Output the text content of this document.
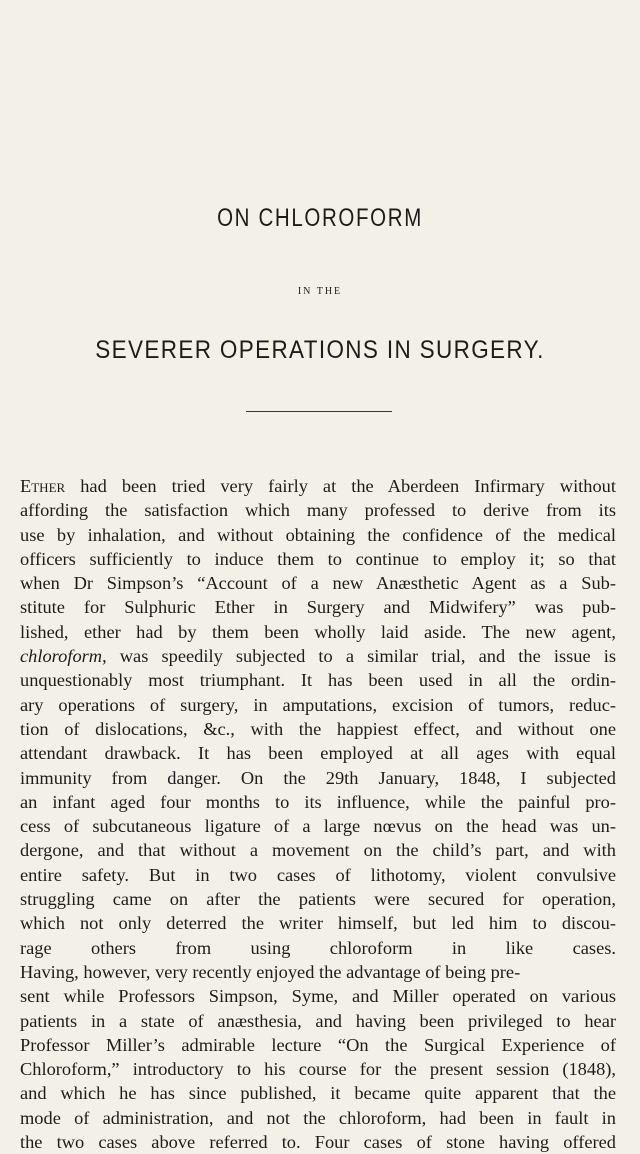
ON CHLOROFORM
IN THE
SEVERER OPERATIONS IN SURGERY.
Ether had been tried very fairly at the Aberdeen Infirmary without
affording the satisfaction which many professed to derive from its
use by inhalation, and without obtaining the confidence of the medical
officers sufficiently to induce them to continue to employ it; so that
when Dr Simpson’s “Account of a new Anæsthetic Agent as a Sub-
stitute for Sulphuric Ether in Surgery and Midwifery” was pub-
lished, ether had by them been wholly laid aside. The new agent,
chloroform, was speedily subjected to a similar trial, and the issue is
unquestionably most triumphant. It has been used in all the ordin-
ary operations of surgery, in amputations, excision of tumors, reduc-
tion of dislocations, &c., with the happiest effect, and without one
attendant drawback. It has been employed at all ages with equal
immunity from danger. On the 29th January, 1848, I subjected
an infant aged four months to its influence, while the painful pro-
cess of subcutaneous ligature of a large nœvus on the head was un-
dergone, and that without a movement on the child’s part, and with
entire safety. But in two cases of lithotomy, violent convulsive
struggling came on after the patients were secured for operation,
which not only deterred the writer himself, but led him to discou-
rage others from using chloroform in like cases.
Having, however, very recently enjoyed the advantage of being pre-
sent while Professors Simpson, Syme, and Miller operated on various
patients in a state of anæsthesia, and having been privileged to hear
Professor Miller’s admirable lecture “On the Surgical Experience of
Chloroform,” introductory to his course for the present session (1848),
and which he has since published, it became quite apparent that the
mode of administration, and not the chloroform, had been in fault in
the two cases above referred to. Four cases of stone having offered
